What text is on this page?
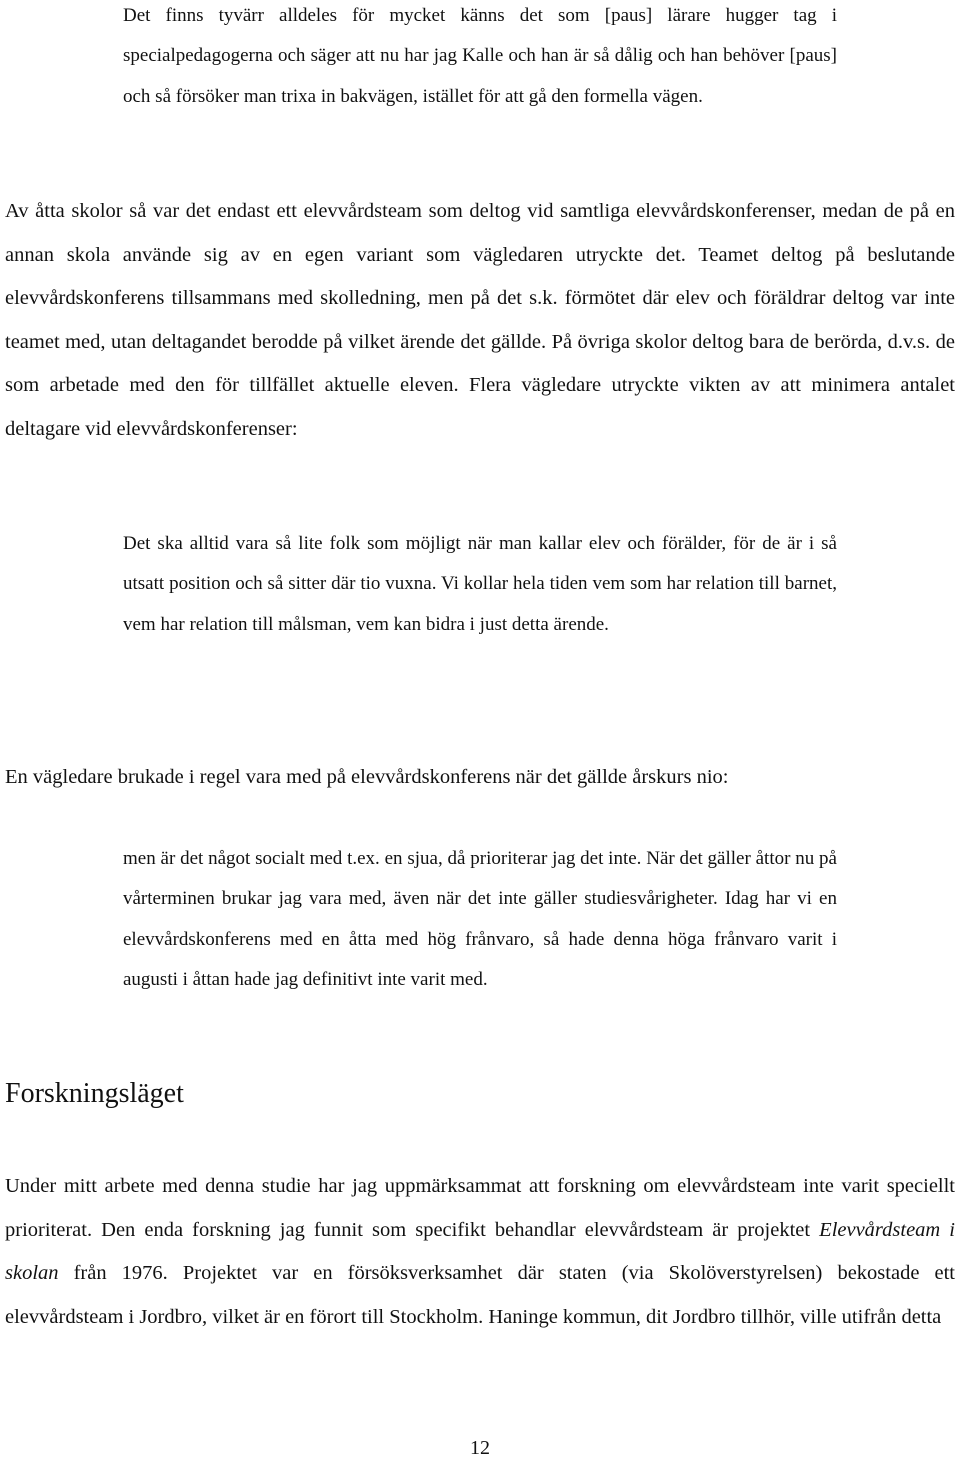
Det finns tyvärr alldeles för mycket känns det som [paus] lärare hugger tag i specialpedagogerna och säger att nu har jag Kalle och han är så dålig och han behöver [paus] och så försöker man trixa in bakvägen, istället för att gå den formella vägen.
Av åtta skolor så var det endast ett elevvårdsteam som deltog vid samtliga elevvårdskonferenser, medan de på en annan skola använde sig av en egen variant som vägledaren utryckte det. Teamet deltog på beslutande elevvårdskonferens tillsammans med skolledning, men på det s.k. förmötet där elev och föräldrar deltog var inte teamet med, utan deltagandet berodde på vilket ärende det gällde. På övriga skolor deltog bara de berörda, d.v.s. de som arbetade med den för tillfället aktuelle eleven. Flera vägledare utryckte vikten av att minimera antalet deltagare vid elevvårdskonferenser:
Det ska alltid vara så lite folk som möjligt när man kallar elev och förälder, för de är i så utsatt position och så sitter där tio vuxna. Vi kollar hela tiden vem som har relation till barnet, vem har relation till målsman, vem kan bidra i just detta ärende.
En vägledare brukade i regel vara med på elevvårdskonferens när det gällde årskurs nio:
men är det något socialt med t.ex. en sjua, då prioriterar jag det inte. När det gäller åttor nu på vårterminen brukar jag vara med, även när det inte gäller studiesvårigheter. Idag har vi en elevvårdskonferens med en åtta med hög frånvaro, så hade denna höga frånvaro varit i augusti i åttan hade jag definitivt inte varit med.
Forskningsläget
Under mitt arbete med denna studie har jag uppmärksammat att forskning om elevvårdsteam inte varit speciellt prioriterat. Den enda forskning jag funnit som specifikt behandlar elevvårdsteam är projektet Elevvårdsteam i skolan från 1976. Projektet var en försöksverksamhet där staten (via Skolöverstyrelsen) bekostade ett elevvårdsteam i Jordbro, vilket är en förort till Stockholm. Haninge kommun, dit Jordbro tillhör, ville utifrån detta
12
